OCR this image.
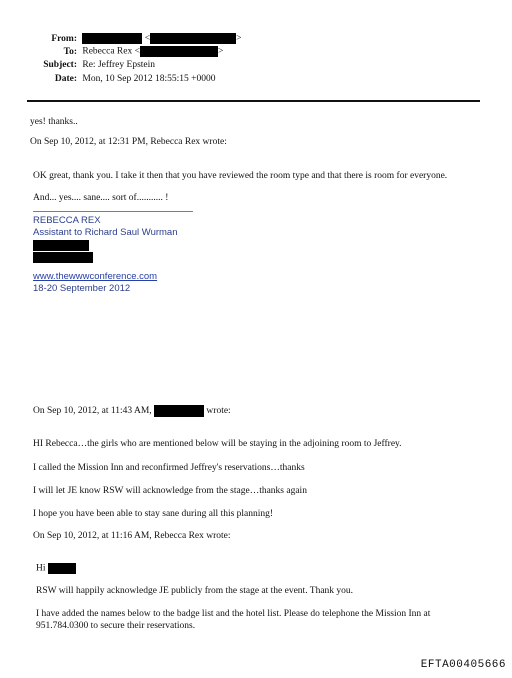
From:	<	>
To: Rebecca Rex <	>
Subject: Re: Jeffrey Epstein
Date: Mon, 10 Sep 2012 18:55:15 +0000
yes! thanks..
On Sep 10, 2012, at 12:31 PM, Rebecca Rex wrote:
OK great, thank you. I take it then that you have reviewed the room type and that there is room for everyone.
And... yes.... sane.... sort of........... !
REBECCA REX
Assistant to Richard Saul Wurman
www.thewwwconference.com
18-20 September 2012
On Sep 10, 2012, at 11:43 AM,	wrote:
HI Rebecca…the girls who are mentioned below will be staying in the adjoining room to Jeffrey.
I called the Mission Inn and reconfirmed Jeffrey's reservations…thanks
I will let JE know RSW will acknowledge from the stage…thanks again
I hope you have been able to stay sane during all this planning!
On Sep 10, 2012, at 11:16 AM, Rebecca Rex wrote:
Hi
RSW will happily acknowledge JE publicly from the stage at the event. Thank you.
I have added the names below to the badge list and the hotel list. Please do telephone the Mission Inn at
951.784.0300 to secure their reservations.
EFTA00405666
